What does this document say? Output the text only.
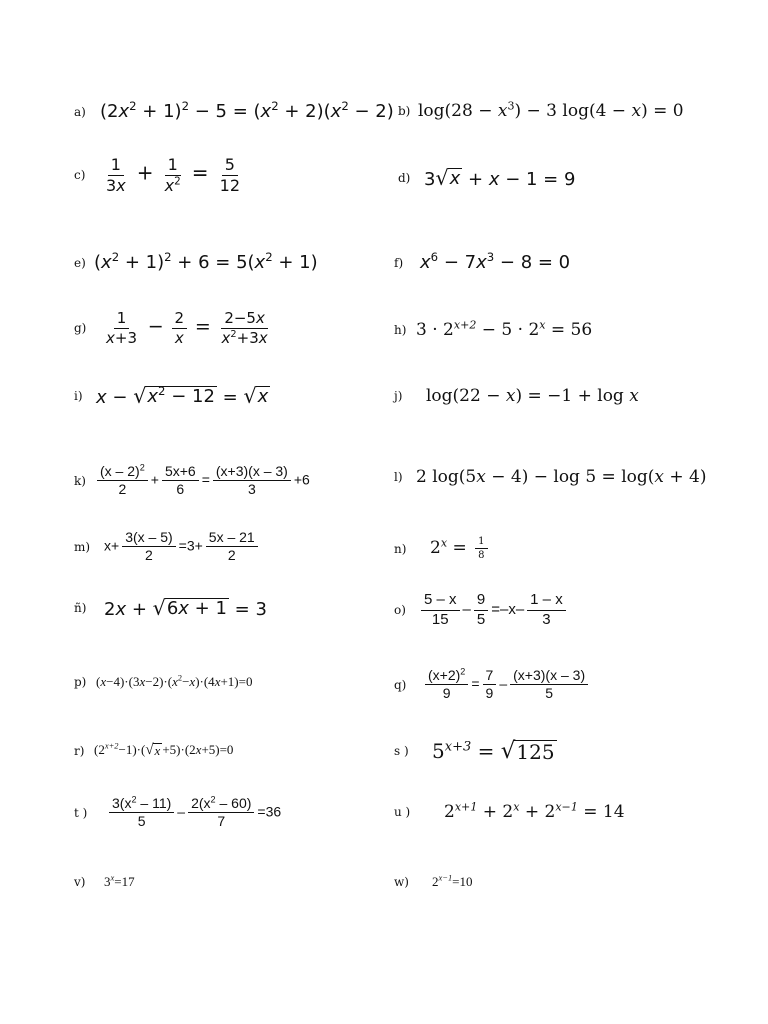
a) $(2x^2 + 1)^2 - 5 = (x^2 + 2)(x^2 - 2)$ b) $\log(28 - x^3) - 3$ log(4 − x) = 0
c)	$\frac{1}{3x} + \frac{1}{x^2} = \frac{5}{12}$	d) 3 √ x + x − 1 = 9
e) $(x^2 + 1)^2 + 6 = 5(x^2 + 1)$	f) $x^6 - 7x^3 - 8 = 0$
g)	$\frac{1}{x+3} - \frac{2}{x} = \frac{2-5x}{x^2+3x}$	h) $3 \cdot 2^{x+2} - 5 \cdot 2^x = 56$
i) x − √ $x^2 - 12$ = √ x	j)	log(22 − x) = −1 + log x
$k) \frac{(x - 2)^2}{2} + \frac{5x+6}{6} = \frac{(x+3)(x - 3)}{3} +6$	l) 2 log(5x − 4) − log 5 = log(x + 4)
m) $x+ \frac{3(x - 5)}{2} =3+ \frac{5x - 21}{2}$	n)	$2^x = \frac{1}{8}$
ñ) 2x + √ 6x + 1 = 3	o)	$\frac{5 - x}{15} - \frac{9}{5} =-x- \frac{1 - x}{3}$
p) $(x-4)\cdot(3x-2)\cdot(x^2-x)\cdot(4x+1)=0$	q)	$\frac{(x+2)^2}{9} = \frac{7}{9} - \frac{(x+3)(x - 3)}{5}$
r) $(2^{x+2}-1)\cdot$( √ x +5)·(2x+5)=0	s )	$5^{x+3}$ = √ 125
t )	$\frac{3(x^2 - 11)}{5} - \frac{2(x^2 - 60)}{7} =36$	u )	$2^{x+1} + 2^x + 2^{x-1} = 14$
v)	$3^x=17$	w)	$2^{x-1}=10$
